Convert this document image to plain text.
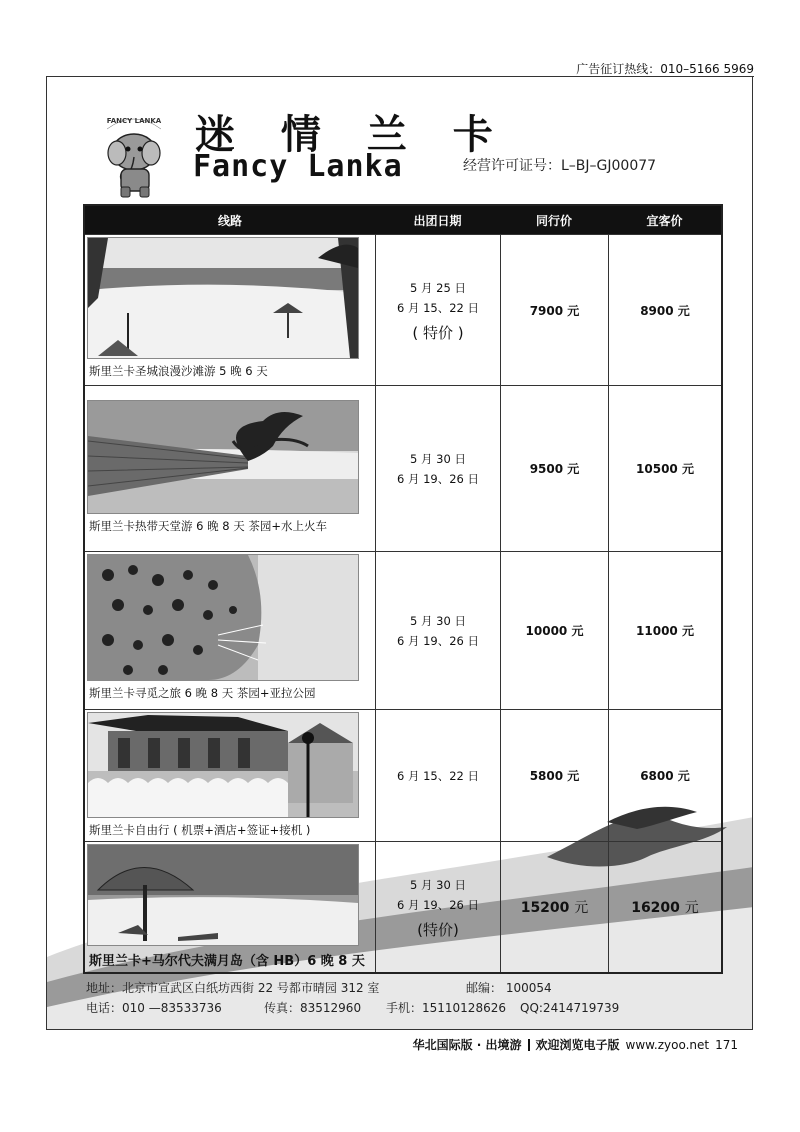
广告征订热线：010–5166 5969
FANCY LANKA 迷 情 兰 卡
Fancy Lanka	经营许可证号：L–BJ–GJ00077
线路	出团日期	同行价	宜客价
斯里兰卡圣城浪漫沙滩游 5 晚 6 天
5 月 25 日
6 月 15、22 日
( 特价 )
7900 元	8900 元
斯里兰卡热带天堂游 6 晚 8 天 茶园+水上火车
5 月 30 日
6 月 19、26 日
9500 元	10500 元
斯里兰卡寻觅之旅 6 晚 8 天 茶园+亚拉公园
5 月 30 日
6 月 19、26 日
10000 元	11000 元
斯里兰卡自由行 ( 机票+酒店+签证+接机 )
6 月 15、22 日	5800 元	6800 元
斯里兰卡+马尔代夫满月岛（含 HB）6 晚 8 天
5 月 30 日
6 月 19、26 日
(特价)
15200 元	16200 元
地址：北京市宣武区白纸坊西街 22 号都市晴园 312 室	邮编： 100054
电话：010 —83533736	传真：83512960	手机：15110128626	QQ:2414719739
华北国际版 · 出境游 欢迎浏览电子版 www.zyoo.net 171
